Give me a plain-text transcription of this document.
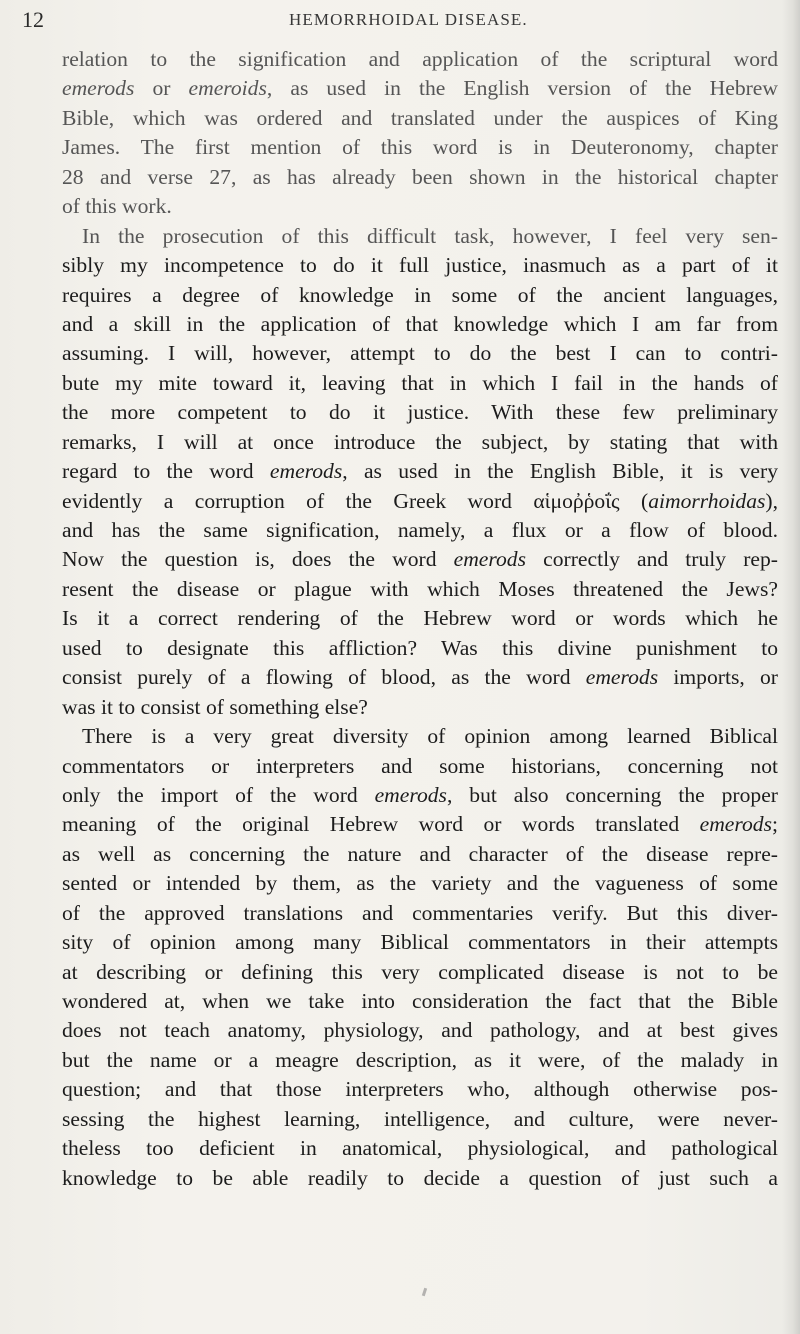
12	HEMORRHOIDAL DISEASE.
relation to the signification and application of the scriptural word
emerods or emeroids, as used in the English version of the Hebrew
Bible, which was ordered and translated under the auspices of King
James. The first mention of this word is in Deuteronomy, chapter
28 and verse 27, as has already been shown in the historical chapter
of this work.
In the prosecution of this difficult task, however, I feel very sen-
sibly my incompetence to do it full justice, inasmuch as a part of it
requires a degree of knowledge in some of the ancient languages,
and a skill in the application of that knowledge which I am far from
assuming. I will, however, attempt to do the best I can to contri-
bute my mite toward it, leaving that in which I fail in the hands of
the more competent to do it justice. With these few preliminary
remarks, I will at once introduce the subject, by stating that with
regard to the word emerods, as used in the English Bible, it is very
evidently a corruption of the Greek word αἱμοῤῥοΐς (aimorrhoidas),
and has the same signification, namely, a flux or a flow of blood.
Now the question is, does the word emerods correctly and truly rep-
resent the disease or plague with which Moses threatened the Jews?
Is it a correct rendering of the Hebrew word or words which he
used to designate this affliction? Was this divine punishment to
consist purely of a flowing of blood, as the word emerods imports, or
was it to consist of something else?
There is a very great diversity of opinion among learned Biblical
commentators or interpreters and some historians, concerning not
only the import of the word emerods, but also concerning the proper
meaning of the original Hebrew word or words translated emerods;
as well as concerning the nature and character of the disease repre-
sented or intended by them, as the variety and the vagueness of some
of the approved translations and commentaries verify. But this diver-
sity of opinion among many Biblical commentators in their attempts
at describing or defining this very complicated disease is not to be
wondered at, when we take into consideration the fact that the Bible
does not teach anatomy, physiology, and pathology, and at best gives
but the name or a meagre description, as it were, of the malady in
question; and that those interpreters who, although otherwise pos-
sessing the highest learning, intelligence, and culture, were never-
theless too deficient in anatomical, physiological, and pathological
knowledge to be able readily to decide a question of just such a
